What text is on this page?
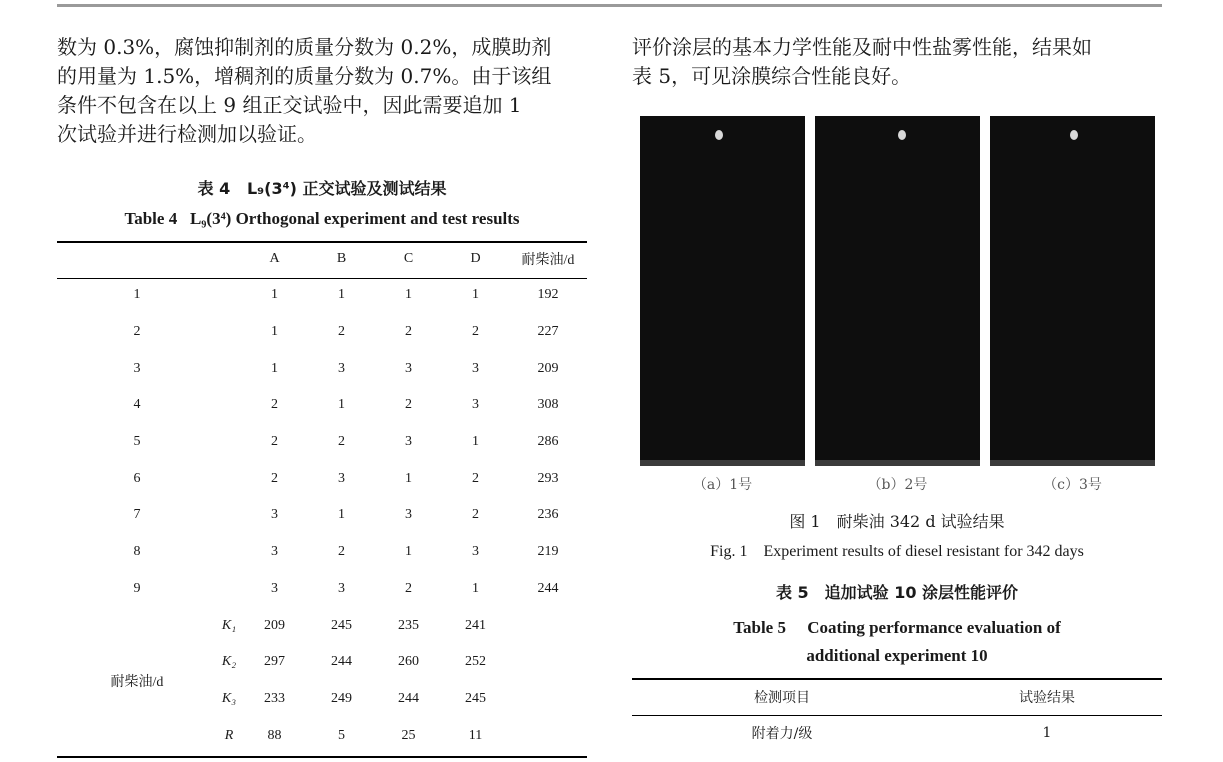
数为 0.3%，腐蚀抑制剂的质量分数为 0.2%，成膜助剂
的用量为 1.5%，增稠剂的质量分数为 0.7%。由于该组
条件不包含在以上 9 组正交试验中，因此需要追加 1
次试验并进行检测加以验证。
表 4 L₉(3⁴) 正交试验及测试结果
Table 4 L₉(3⁴) Orthogonal experiment and test results
		A	B	C	D	耐柴油/d
1		1	1	1	1	192
2		1	2	2	2	227
3		1	3	3	3	209
4		2	1	2	3	308
5		2	2	3	1	286
6		2	3	1	2	293
7		3	1	3	2	236
8		3	2	1	3	219
9		3	3	2	1	244
耐柴油/d	K₁	209	245	235	241	
	K₂	297	244	260	252	
	K₃	233	249	244	245	
	R	88	5	25	11	
评价涂层的基本力学性能及耐中性盐雾性能，结果如
表 5，可见涂膜综合性能良好。
（a）1号	（b）2号	（c）3号
图 1　耐柴油 342 d 试验结果
Fig. 1　Experiment results of diesel resistant for 342 days
表 5　追加试验 10 涂层性能评价
Table 5　 Coating performance evaluation of
additional experiment 10
检测项目	试验结果
附着力/级	1
